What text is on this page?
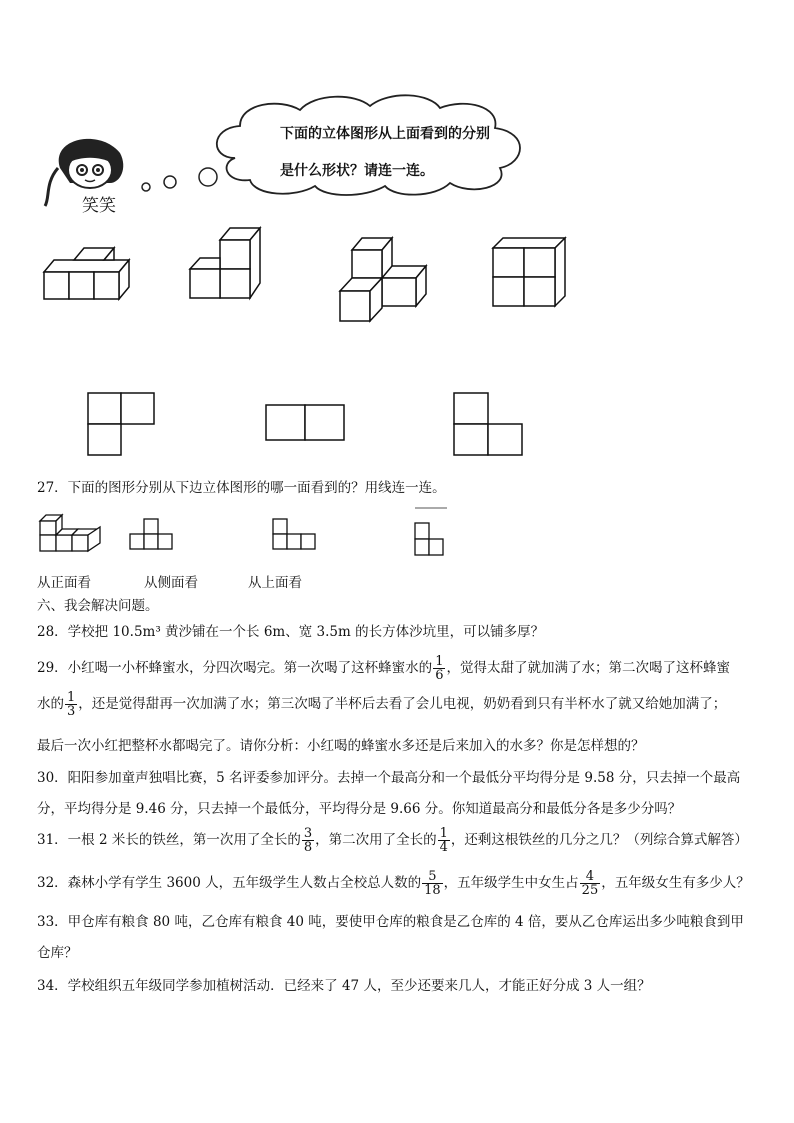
笑笑
下面的立体图形从上面看到的分别
是什么形状？请连一连。
27．下面的图形分别从下边立体图形的哪一面看到的？用线连一连。
从正面看	从侧面看	从上面看
六、我会解决问题。
28．学校把 10.5m³ 黄沙铺在一个长 6m、宽 3.5m 的长方体沙坑里，可以铺多厚？
29．小红喝一小杯蜂蜜水，分四次喝完。第一次喝了这杯蜂蜜水的 $\frac{1}{6}$ ，觉得太甜了就加满了水；第二次喝了这杯蜂蜜
水的 $\frac{1}{3}$ ，还是觉得甜再一次加满了水；第三次喝了半杯后去看了会儿电视，奶奶看到只有半杯水了就又给她加满了；
最后一次小红把整杯水都喝完了。请你分析：小红喝的蜂蜜水多还是后来加入的水多？你是怎样想的？
30．阳阳参加童声独唱比赛，5 名评委参加评分。去掉一个最高分和一个最低分平均得分是 9.58 分，只去掉一个最高
分，平均得分是 9.46 分，只去掉一个最低分，平均得分是 9.66 分。你知道最高分和最低分各是多少分吗？
31．一根 2 米长的铁丝，第一次用了全长的 $\frac{3}{8}$ ，第二次用了全长的 $\frac{1}{4}$ ，还剩这根铁丝的几分之几？（列综合算式解答）
32．森林小学有学生 3600 人，五年级学生人数占全校总人数的 $\frac{5}{18}$ ，五年级学生中女生占 $\frac{4}{25}$ ，五年级女生有多少人？
33．甲仓库有粮食 80 吨，乙仓库有粮食 40 吨，要使甲仓库的粮食是乙仓库的 4 倍，要从乙仓库运出多少吨粮食到甲
仓库？
34．学校组织五年级同学参加植树活动．已经来了 47 人，至少还要来几人，才能正好分成 3 人一组？
